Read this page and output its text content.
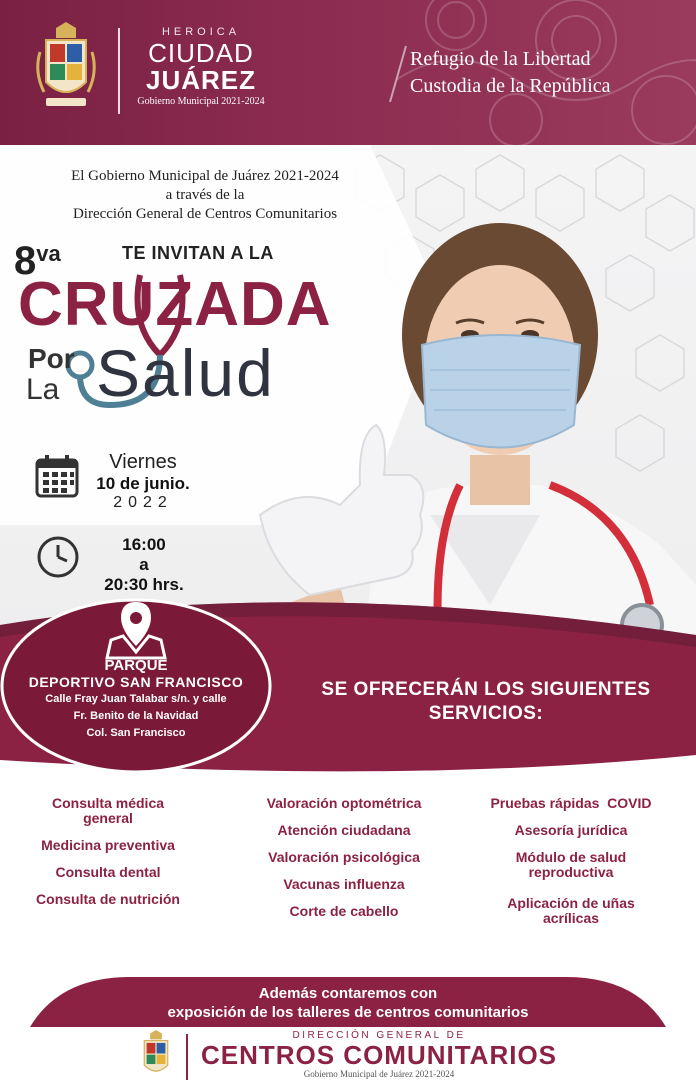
HEROICA
CIUDAD
JUÁREZ
Gobierno Municipal 2021-2024
Refugio de la Libertad
Custodia de la República
El Gobierno Municipal de Juárez 2021-2024
a través de la
Dirección General de Centros Comunitarios
8va	TE INVITAN A LA
CRUZADA
Por
La Salud
Viernes
10 de junio.
2022
16:00
a
20:30 hrs.
PARQUE
DEPORTIVO SAN FRANCISCO
Calle Fray Juan Talabar s/n. y calle
Fr. Benito de la Navidad
Col. San Francisco
SE OFRECERÁN LOS SIGUIENTES
SERVICIOS:
Consulta médica general
Medicina preventiva
Consulta dental
Consulta de nutrición
Valoración optométrica
Atención ciudadana
Valoración psicológica
Vacunas influenza
Corte de cabello
Pruebas rápidas  COVID
Asesoría jurídica
Módulo de salud reproductiva
Aplicación de uñas acrílicas
Además contaremos con
exposición de los talleres de centros comunitarios
DIRECCIÓN GENERAL DE
CENTROS COMUNITARIOS
Gobierno Municipal de Juárez 2021-2024
